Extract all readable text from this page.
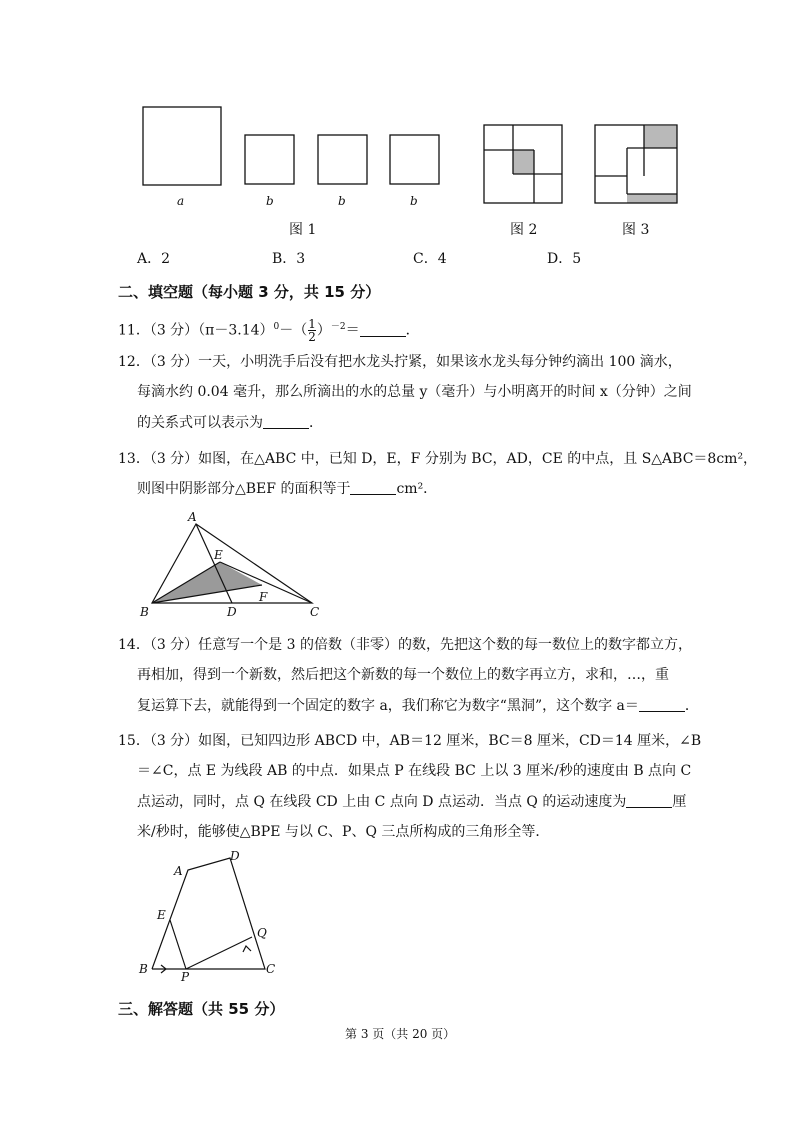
a	b	b	b
图 1	图 2	图 3
A．2	B．3	C．4	D．5
二、填空题（每小题 3 分，共 15 分）
11．（3 分）$(\pi-3.14)^0-( \frac{1}{2} )^{-2}=$	．
12．（3 分）一天，小明洗手后没有把水龙头拧紧，如果该水龙头每分钟约滴出 100 滴水，
每滴水约 0.04 毫升，那么所滴出的水的总量 y（毫升）与小明离开的时间 x（分钟）之间
的关系式可以表示为	．
13．（3 分）如图，在△ABC 中，已知 D，E，F 分别为 BC，AD，CE 的中点，且 S△ABC＝8cm²，
则图中阴影部分△BEF 的面积等于	cm²．
A
E
B	D
F
C
14．（3 分）任意写一个是 3 的倍数（非零）的数，先把这个数的每一数位上的数字都立方，
再相加，得到一个新数，然后把这个新数的每一个数位上的数字再立方，求和，…，重
复运算下去，就能得到一个固定的数字 a，我们称它为数字“黑洞”，这个数字 a＝	．
15．（3 分）如图，已知四边形 ABCD 中，AB＝12 厘米，BC＝8 厘米，CD＝14 厘米，∠B
＝∠C，点 E 为线段 AB 的中点．如果点 P 在线段 BC 上以 3 厘米/秒的速度由 B 点向 C
点运动，同时，点 Q 在线段 CD 上由 C 点向 D 点运动．当点 Q 的运动速度为	厘
米/秒时，能够使△BPE 与以 C、P、Q 三点所构成的三角形全等．
A
D
E
Q
B
P
C
三、解答题（共 55 分）
第 3 页（共 20 页）
